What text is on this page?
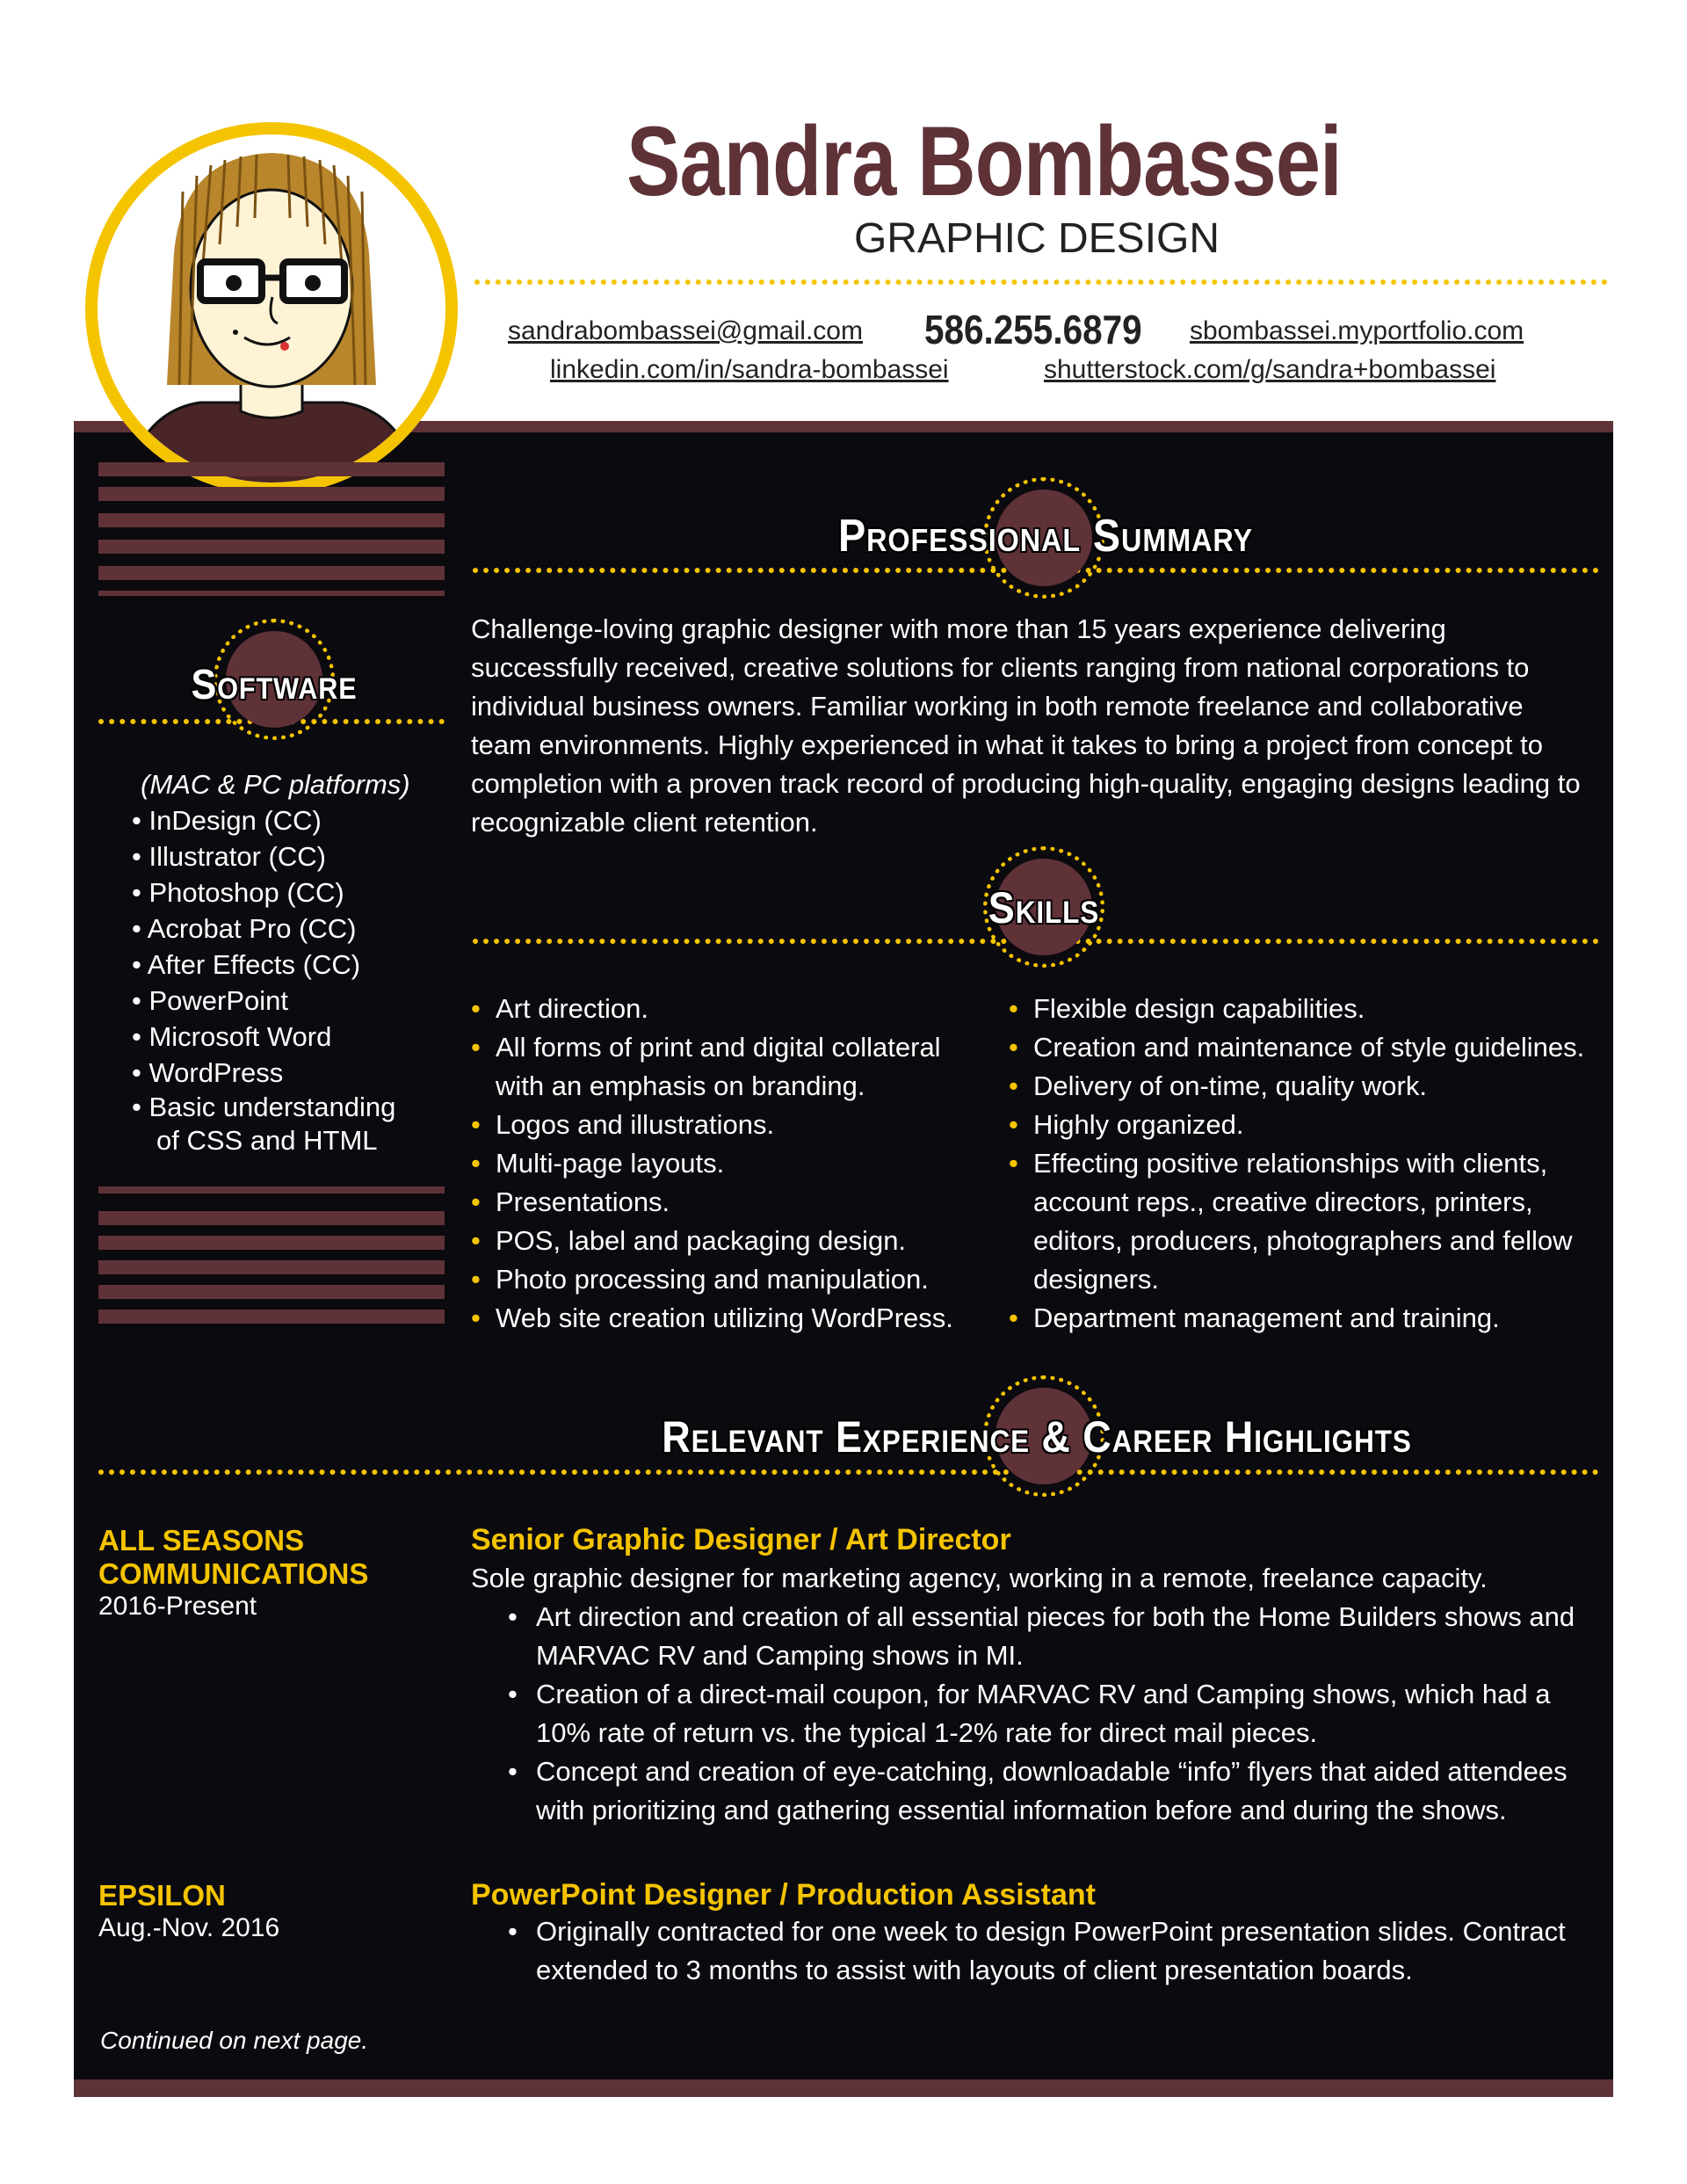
Sandra Bombassei
GRAPHIC DESIGN
sandrabombassei@gmail.com 586.255.6879 sbombassei.myportfolio.com
linkedin.com/in/sandra-bombassei	shutterstock.com/g/sandra+bombassei
Professional Summary
Challenge-loving graphic designer with more than 15 years experience delivering successfully received, creative solutions for clients ranging from national corporations to individual business owners. Familiar working in both remote freelance and collaborative team environments. Highly experienced in what it takes to bring a project from concept to completion with a proven track record of producing high-quality, engaging designs leading to recognizable client retention.
Software
(MAC & PC platforms)
• InDesign (CC)
• Illustrator (CC)
• Photoshop (CC)
• Acrobat Pro (CC)
• After Effects (CC)
• PowerPoint
• Microsoft Word
• WordPress
• Basic understanding
of CSS and HTML
Skills
• Art direction.
• All forms of print and digital collateral with an emphasis on branding.
• Logos and illustrations.
• Multi-page layouts.
• Presentations.
• POS, label and packaging design.
• Photo processing and manipulation.
• Web site creation utilizing WordPress.
• Flexible design capabilities.
• Creation and maintenance of style guidelines.
• Delivery of on-time, quality work.
• Highly organized.
• Effecting positive relationships with clients, account reps., creative directors, printers, editors, producers, photographers and fellow designers.
• Department management and training.
Relevant Experience & Career Highlights
ALL SEASONS
COMMUNICATIONS
2016-Present
Senior Graphic Designer / Art Director
Sole graphic designer for marketing agency, working in a remote, freelance capacity.
• Art direction and creation of all essential pieces for both the Home Builders shows and MARVAC RV and Camping shows in MI.
• Creation of a direct-mail coupon, for MARVAC RV and Camping shows, which had a 10% rate of return vs. the typical 1-2% rate for direct mail pieces.
• Concept and creation of eye-catching, downloadable “info” flyers that aided attendees with prioritizing and gathering essential information before and during the shows.
EPSILON
Aug.-Nov. 2016
PowerPoint Designer / Production Assistant
• Originally contracted for one week to design PowerPoint presentation slides. Contract extended to 3 months to assist with layouts of client presentation boards.
Continued on next page.
